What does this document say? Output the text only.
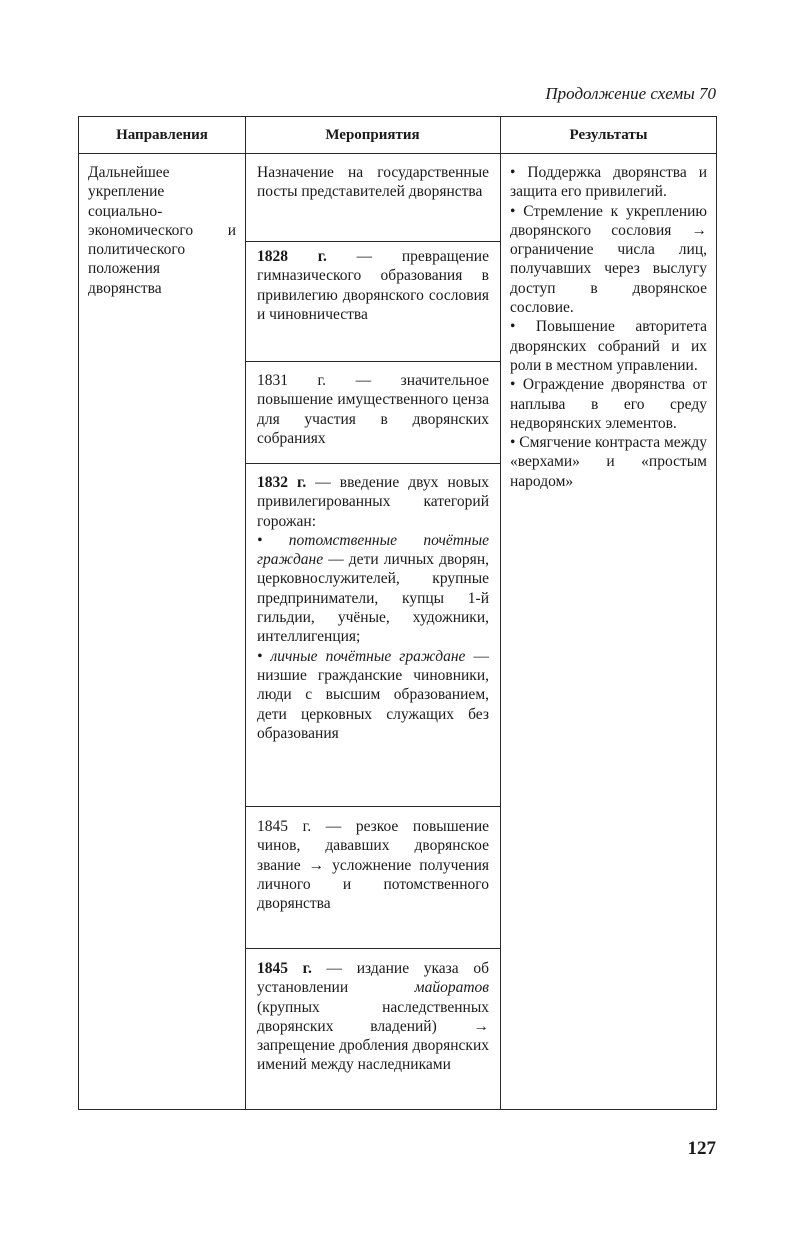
Продолжение схемы 70
Направления	Мероприятия	Результаты
Дальнейшее укрепление социально-экономического и политического положения дворянства
Назначение на государственные посты представителей дворянства
1828 г. — превращение гимназического образования в привилегию дворянского сословия и чиновничества
1831 г. — значительное повышение имущественного ценза для участия в дворянских собраниях
1832 г. — введение двух новых привилегированных категорий горожан:
• потомственные почётные граждане — дети личных дворян, церковнослужителей, крупные предприниматели, купцы 1-й гильдии, учёные, художники, интеллигенция;
• личные почётные граждане — низшие гражданские чиновники, люди с высшим образованием, дети церковных служащих без образования
1845 г. — резкое повышение чинов, дававших дворянское звание → усложнение получения личного и потомственного дворянства
1845 г. — издание указа об установлении майоратов (крупных наследственных дворянских владений) → запрещение дробления дворянских имений между наследниками

• Поддержка дворянства и защита его привилегий.

• Стремление к укреплению дворянского сословия → ограничение числа лиц, получавших через выслугу доступ в дворянское сословие.

• Повышение авторитета дворянских собраний и их роли в местном управлении.

• Ограждение дворянства от наплыва в его среду недворянских элементов.

• Смягчение контраста между «верхами» и «простым народом»

127
